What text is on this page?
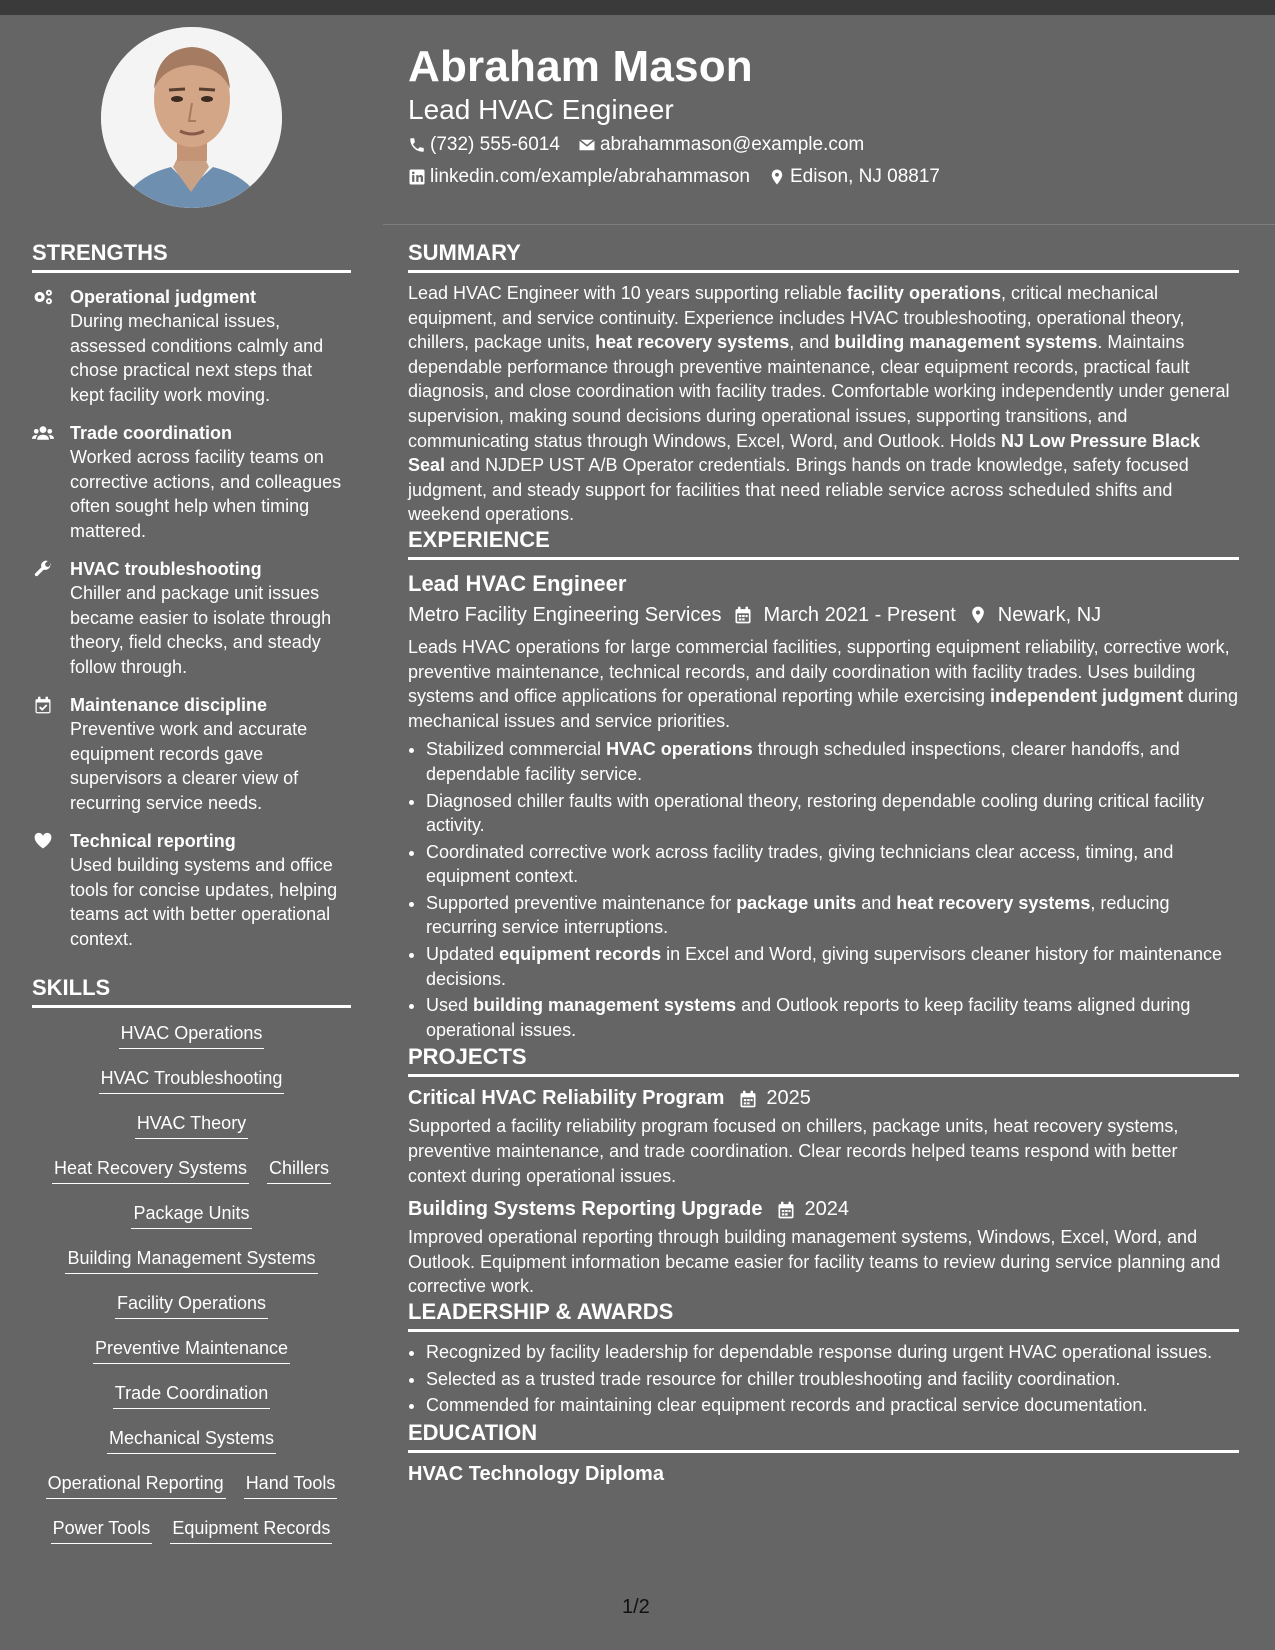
Abraham Mason
Lead HVAC Engineer
(732) 555-6014 abrahammason@example.com
linkedin.com/example/abrahammason Edison, NJ 08817
STRENGTHS
Operational judgment
During mechanical issues, assessed conditions calmly and chose practical next steps that kept facility work moving.
Trade coordination
Worked across facility teams on corrective actions, and colleagues often sought help when timing mattered.
HVAC troubleshooting
Chiller and package unit issues became easier to isolate through theory, field checks, and steady follow through.
Maintenance discipline
Preventive work and accurate equipment records gave supervisors a clearer view of recurring service needs.
Technical reporting
Used building systems and office tools for concise updates, helping teams act with better operational context.
SKILLS
HVAC Operations
HVAC Troubleshooting
HVAC Theory
Heat Recovery Systems Chillers
Package Units
Building Management Systems
Facility Operations
Preventive Maintenance
Trade Coordination
Mechanical Systems
Operational Reporting Hand Tools
Power Tools Equipment Records
SUMMARY

Lead HVAC Engineer with 10 years supporting reliable facility operations, critical mechanical equipment, and service continuity. Experience includes HVAC troubleshooting, operational theory, chillers, package units, heat recovery systems, and building management systems. Maintains dependable performance through preventive maintenance, clear equipment records, practical fault diagnosis, and close coordination with facility trades. Comfortable working independently under general supervision, making sound decisions during operational issues, supporting transitions, and communicating status through Windows, Excel, Word, and Outlook. Holds NJ Low Pressure Black Seal and NJDEP UST A/B Operator credentials. Brings hands on trade knowledge, safety focused judgment, and steady support for facilities that need reliable service across scheduled shifts and weekend operations.

EXPERIENCE
Lead HVAC Engineer
Metro Facility Engineering Services March 2021 - Present Newark, NJ

Leads HVAC operations for large commercial facilities, supporting equipment reliability, corrective work, preventive maintenance, technical records, and daily coordination with facility trades. Uses building systems and office applications for operational reporting while exercising independent judgment during mechanical issues and service priorities.

• Stabilized commercial HVAC operations through scheduled inspections, clearer handoffs, and dependable facility service.
• Diagnosed chiller faults with operational theory, restoring dependable cooling during critical facility activity.
• Coordinated corrective work across facility trades, giving technicians clear access, timing, and equipment context.
• Supported preventive maintenance for package units and heat recovery systems, reducing recurring service interruptions.
• Updated equipment records in Excel and Word, giving supervisors cleaner history for maintenance decisions.
• Used building management systems and Outlook reports to keep facility teams aligned during operational issues.
PROJECTS
Critical HVAC Reliability Program 2025

Supported a facility reliability program focused on chillers, package units, heat recovery systems, preventive maintenance, and trade coordination. Clear records helped teams respond with better context during operational issues.

Building Systems Reporting Upgrade 2024

Improved operational reporting through building management systems, Windows, Excel, Word, and Outlook. Equipment information became easier for facility teams to review during service planning and corrective work.

LEADERSHIP & AWARDS
• Recognized by facility leadership for dependable response during urgent HVAC operational issues.
• Selected as a trusted trade resource for chiller troubleshooting and facility coordination.
• Commended for maintaining clear equipment records and practical service documentation.
EDUCATION
HVAC Technology Diploma
1/2
